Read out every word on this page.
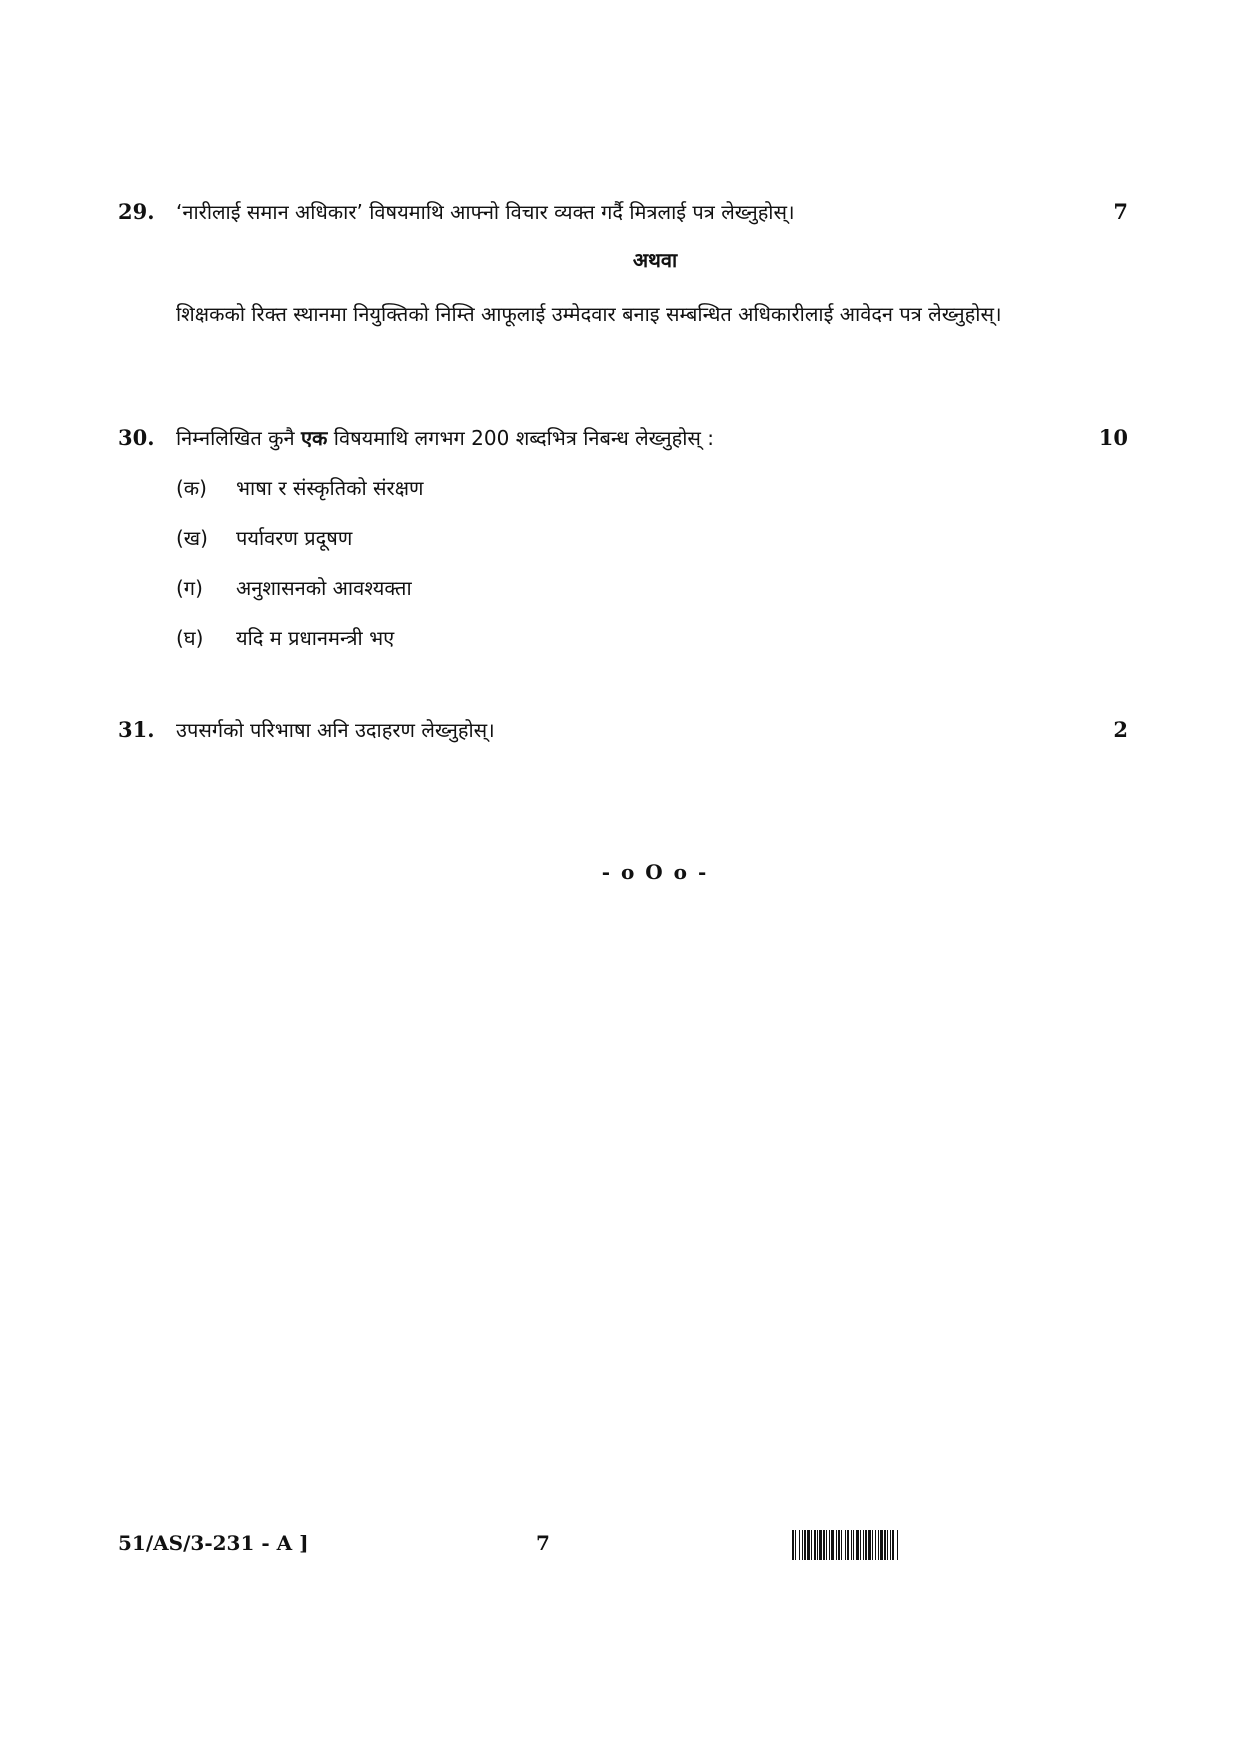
29. ‘नारीलाई समान अधिकार’ विषयमाथि आफ्नो विचार व्यक्त गर्दै मित्रलाई पत्र लेख्नुहोस्।	7
अथवा
शिक्षकको रिक्त स्थानमा नियुक्तिको निम्ति आफूलाई उम्मेदवार बनाइ सम्बन्धित अधिकारीलाई आवेदन पत्र लेख्नुहोस्।
30. निम्नलिखित कुनै एक विषयमाथि लगभग 200 शब्दभित्र निबन्ध लेख्नुहोस् :	10
(क) भाषा र संस्कृतिको संरक्षण
(ख) पर्यावरण प्रदूषण
(ग) अनुशासनको आवश्यक्ता
(घ) यदि म प्रधानमन्त्री भए
31. उपसर्गको परिभाषा अनि उदाहरण लेख्नुहोस्।	2
- o O o -
51/AS/3-231 - A ]	7
